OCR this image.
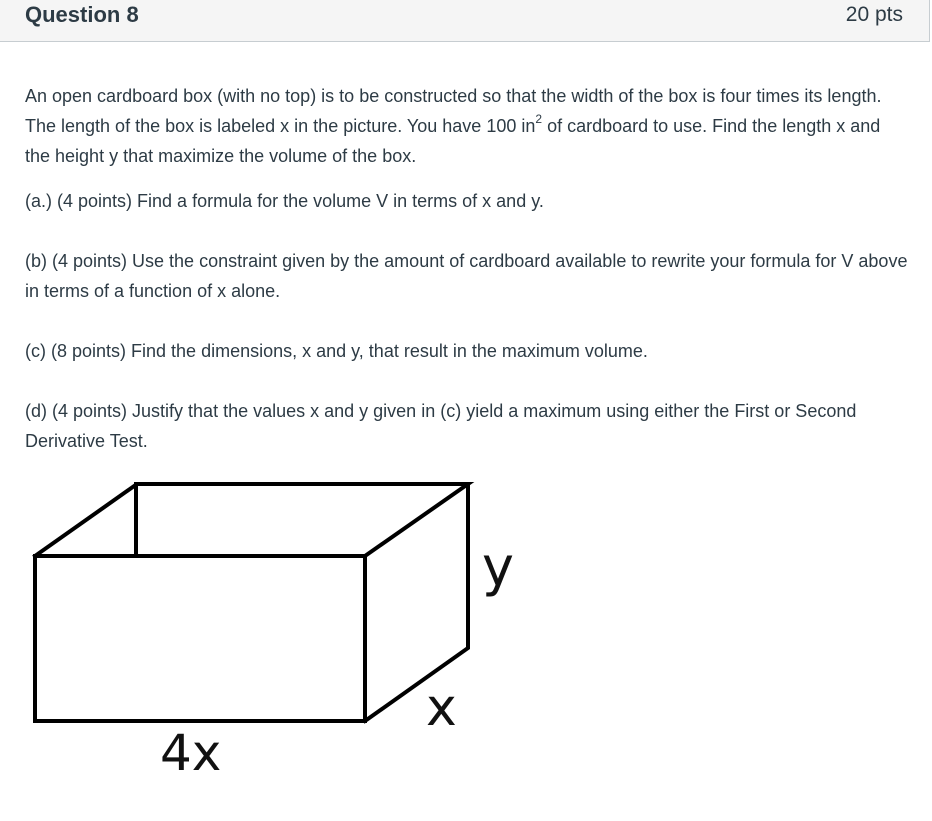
Question 8	20 pts

An open cardboard box (with no top) is to be constructed so that the width of the box is four times its length. The length of the box is labeled x in the picture. You have 100 $in^2$ of cardboard to use. Find the length x and the height y that maximize the volume of the box.

(a.) (4 points) Find a formula for the volume V in terms of x and y.

(b) (4 points) Use the constraint given by the amount of cardboard available to rewrite your formula for V above in terms of a function of x alone.

(c) (8 points) Find the dimensions, x and y, that result in the maximum volume.

(d) (4 points) Justify that the values x and y given in (c) yield a maximum using either the First or Second Derivative Test.

y
x
4x
